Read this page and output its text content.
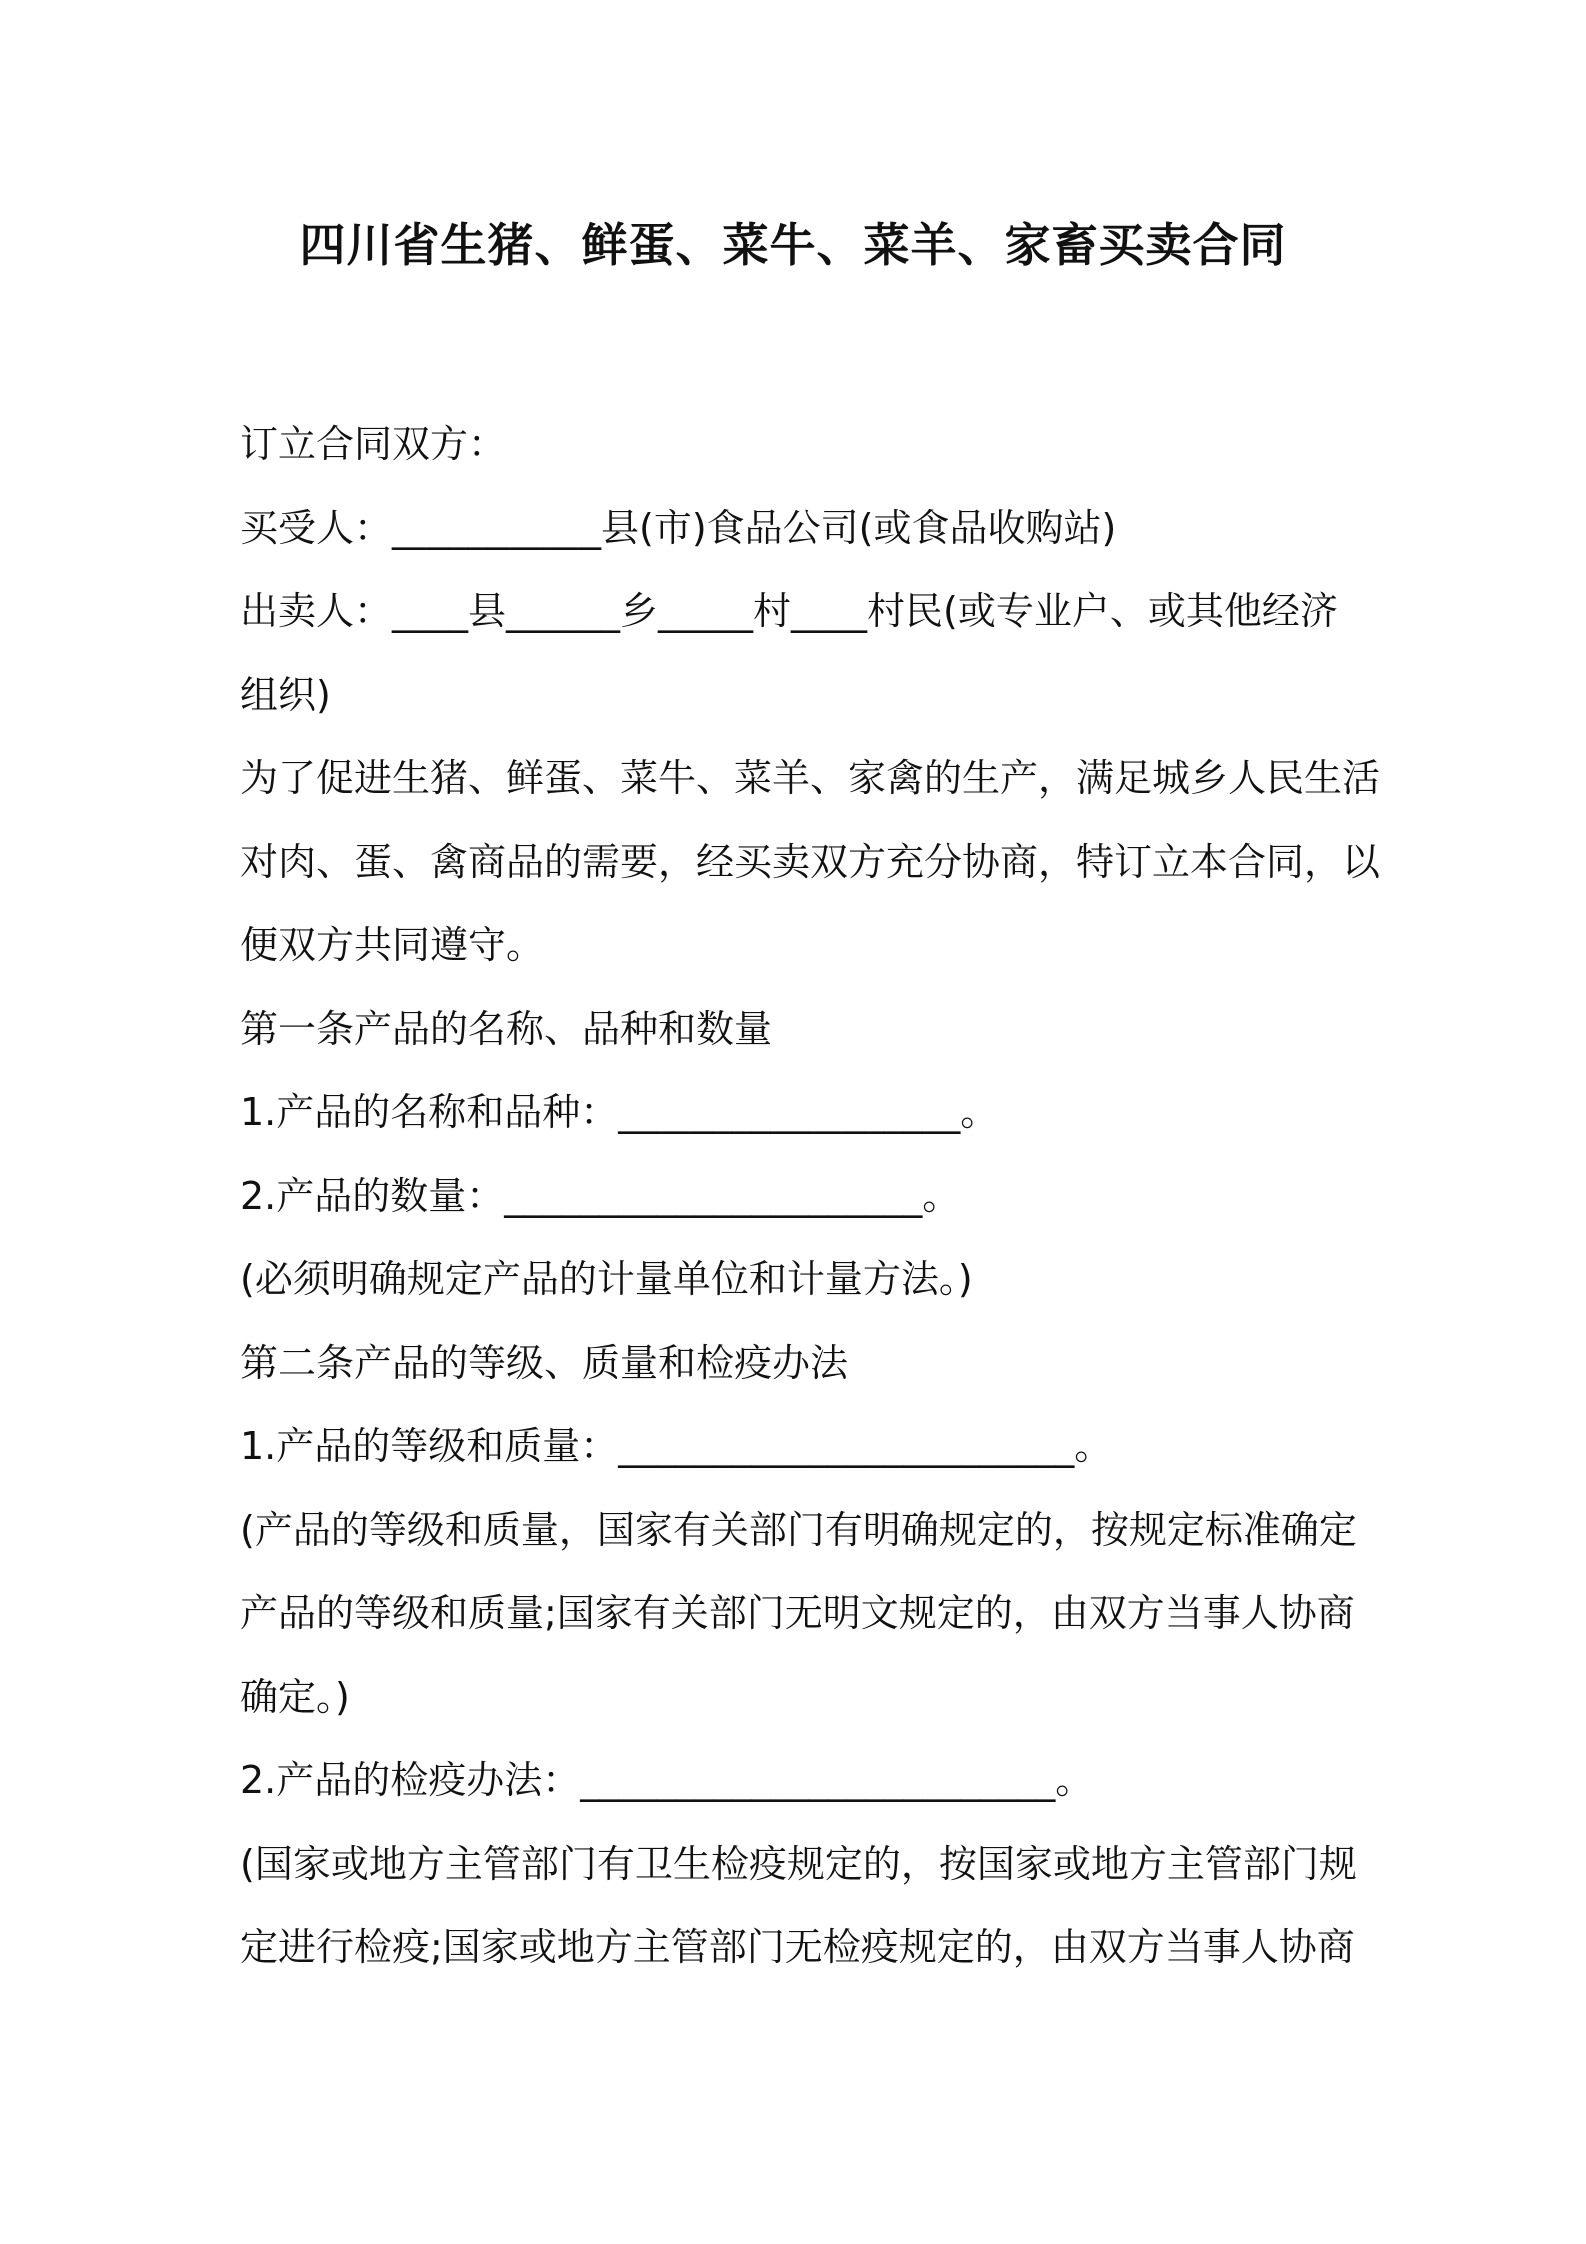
四川省生猪、鲜蛋、菜牛、菜羊、家畜买卖合同
订立合同双方：
买受人：___________县(市)食品公司(或食品收购站)
出卖人：____县______乡_____村____村民(或专业户、或其他经济
组织)
为了促进生猪、鲜蛋、菜牛、菜羊、家禽的生产，满足城乡人民生活
对肉、蛋、禽商品的需要，经买卖双方充分协商，特订立本合同，以
便双方共同遵守。
第一条产品的名称、品种和数量
1.产品的名称和品种：__________________。
2.产品的数量：______________________。
(必须明确规定产品的计量单位和计量方法。)
第二条产品的等级、质量和检疫办法
1.产品的等级和质量：________________________。
(产品的等级和质量，国家有关部门有明确规定的，按规定标准确定
产品的等级和质量;国家有关部门无明文规定的，由双方当事人协商
确定。)
2.产品的检疫办法：_________________________。
(国家或地方主管部门有卫生检疫规定的，按国家或地方主管部门规
定进行检疫;国家或地方主管部门无检疫规定的，由双方当事人协商
